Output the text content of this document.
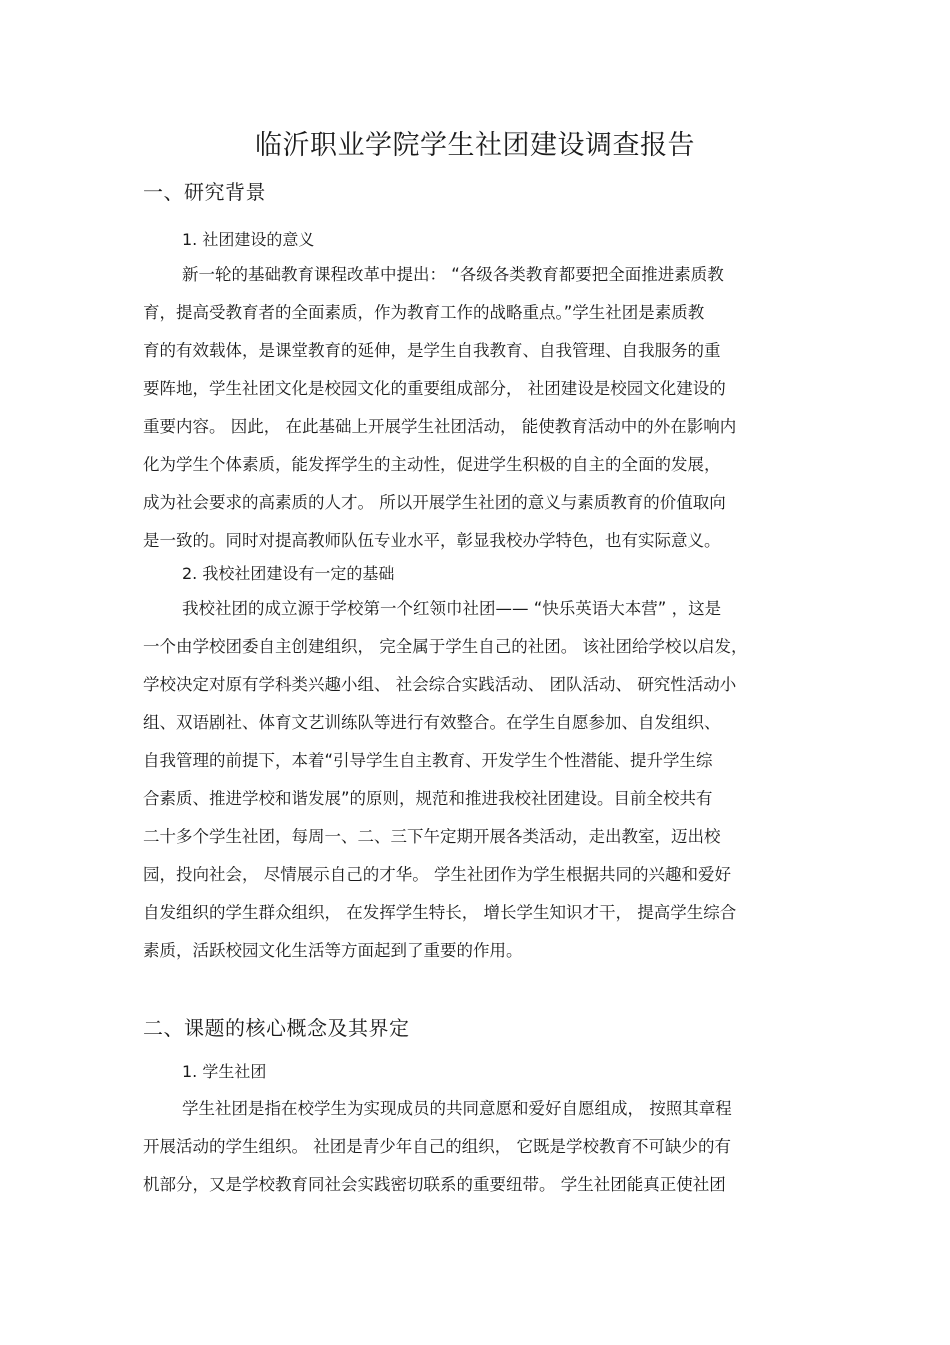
临沂职业学院学生社团建设调查报告
一、研究背景
1. 社团建设的意义
新一轮的基础教育课程改革中提出： “各级各类教育都要把全面推进素质教
育，提高受教育者的全面素质，作为教育工作的战略重点。”学生社团是素质教
育的有效载体，是课堂教育的延伸，是学生自我教育、自我管理、自我服务的重
要阵地，学生社团文化是校园文化的重要组成部分， 社团建设是校园文化建设的
重要内容。 因此， 在此基础上开展学生社团活动， 能使教育活动中的外在影响内
化为学生个体素质，能发挥学生的主动性，促进学生积极的自主的全面的发展，
成为社会要求的高素质的人才。 所以开展学生社团的意义与素质教育的价值取向
是一致的。同时对提高教师队伍专业水平，彰显我校办学特色，也有实际意义。
2. 我校社团建设有一定的基础
我校社团的成立源于学校第一个红领巾社团—— “快乐英语大本营” ，这是
一个由学校团委自主创建组织， 完全属于学生自己的社团。 该社团给学校以启发，
学校决定对原有学科类兴趣小组、 社会综合实践活动、 团队活动、 研究性活动小
组、双语剧社、体育文艺训练队等进行有效整合。在学生自愿参加、自发组织、
自我管理的前提下，本着“引导学生自主教育、开发学生个性潜能、提升学生综
合素质、推进学校和谐发展”的原则，规范和推进我校社团建设。目前全校共有
二十多个学生社团，每周一、二、三下午定期开展各类活动，走出教室，迈出校
园，投向社会， 尽情展示自己的才华。 学生社团作为学生根据共同的兴趣和爱好
自发组织的学生群众组织， 在发挥学生特长， 增长学生知识才干， 提高学生综合
素质，活跃校园文化生活等方面起到了重要的作用。
二、课题的核心概念及其界定
1. 学生社团
学生社团是指在校学生为实现成员的共同意愿和爱好自愿组成， 按照其章程
开展活动的学生组织。 社团是青少年自己的组织， 它既是学校教育不可缺少的有
机部分，又是学校教育同社会实践密切联系的重要纽带。 学生社团能真正使社团
